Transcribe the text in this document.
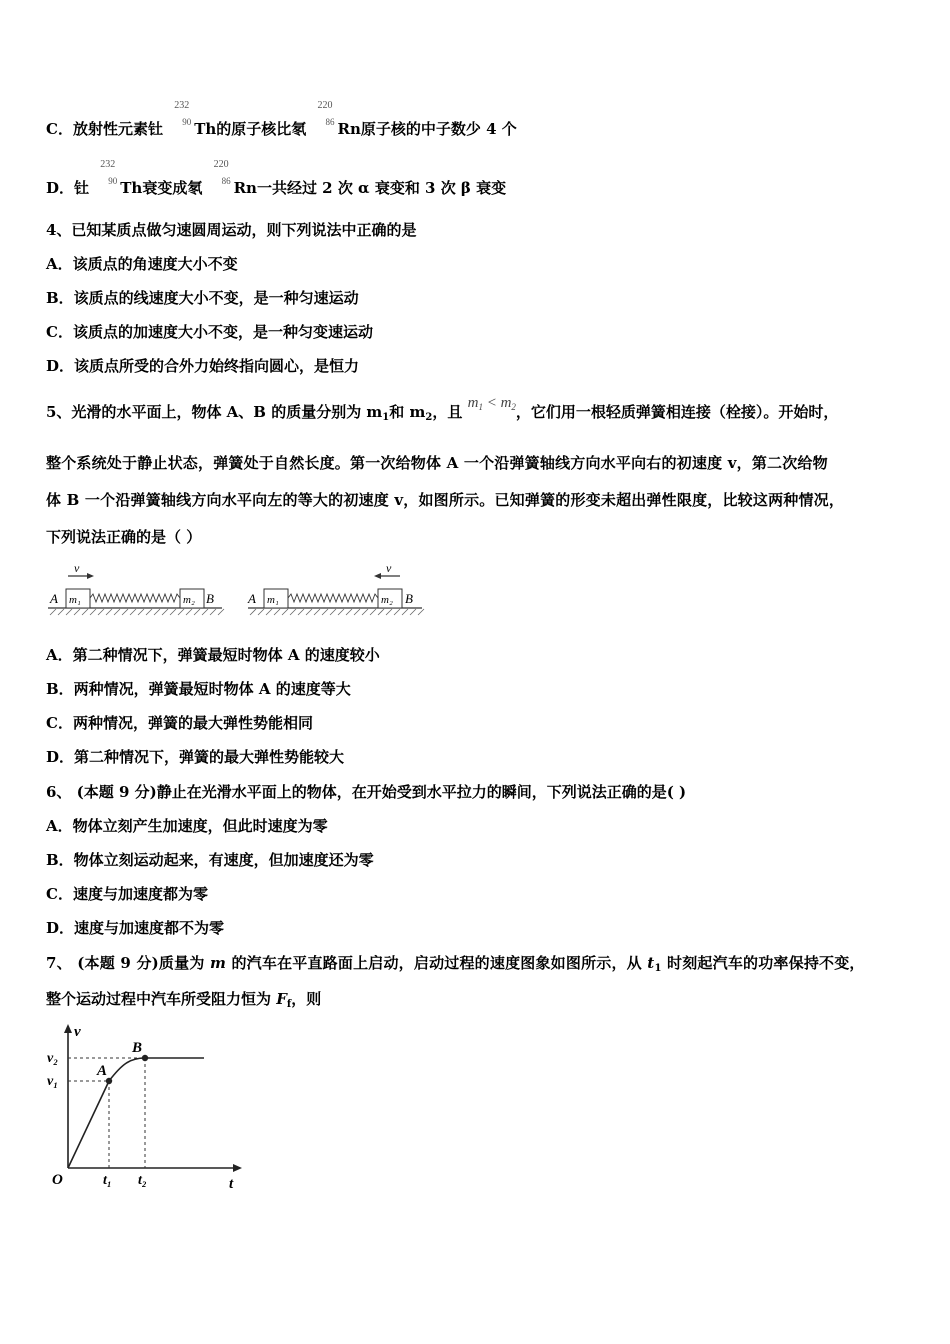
C．放射性元素钍
232
90 Th的原子核比氡
220
86 Rn原子核的中子数少 4 个
D．钍
232
90 Th衰变成氡
220
86 Rn一共经过 2 次 α 衰变和 3 次 β 衰变
4、已知某质点做匀速圆周运动，则下列说法中正确的是
A．该质点的角速度大小不变
B．该质点的线速度大小不变，是一种匀速运动
C．该质点的加速度大小不变，是一种匀变速运动
D．该质点所受的合外力始终指向圆心，是恒力
5、光滑的水平面上，物体 A、B 的质量分别为 $m_1$和 $m_2$，且 $m_1 < m_2$，它们用一根轻质弹簧相连接（栓接）。开始时，
整个系统处于静止状态，弹簧处于自然长度。第一次给物体 A 一个沿弹簧轴线方向水平向右的初速度 v，第二次给物
体 B 一个沿弹簧轴线方向水平向左的等大的初速度 v，如图所示。已知弹簧的形变未超出弹性限度，比较这两种情况，
下列说法正确的是（ ）
A m₁	m₂ B
v
A m₁	m₂ B
v
A．第二种情况下，弹簧最短时物体 A 的速度较小
B．两种情况，弹簧最短时物体 A 的速度等大
C．两种情况，弹簧的最大弹性势能相同
D．第二种情况下，弹簧的最大弹性势能较大
6、 (本题 9 分)静止在光滑水平面上的物体，在开始受到水平拉力的瞬间，下列说法正确的是( )
A．物体立刻产生加速度，但此时速度为零
B．物体立刻运动起来，有速度，但加速度还为零
C．速度与加速度都为零
D．速度与加速度都不为零
7、 (本题 9 分)质量为 m 的汽车在平直路面上启动，启动过程的速度图象如图所示，从 $t_1$ 时刻起汽车的功率保持不变，
整个运动过程中汽车所受阻力恒为 $F_f$，则
v
t
O
A
B
v₂
v₁
t₁ t₂
